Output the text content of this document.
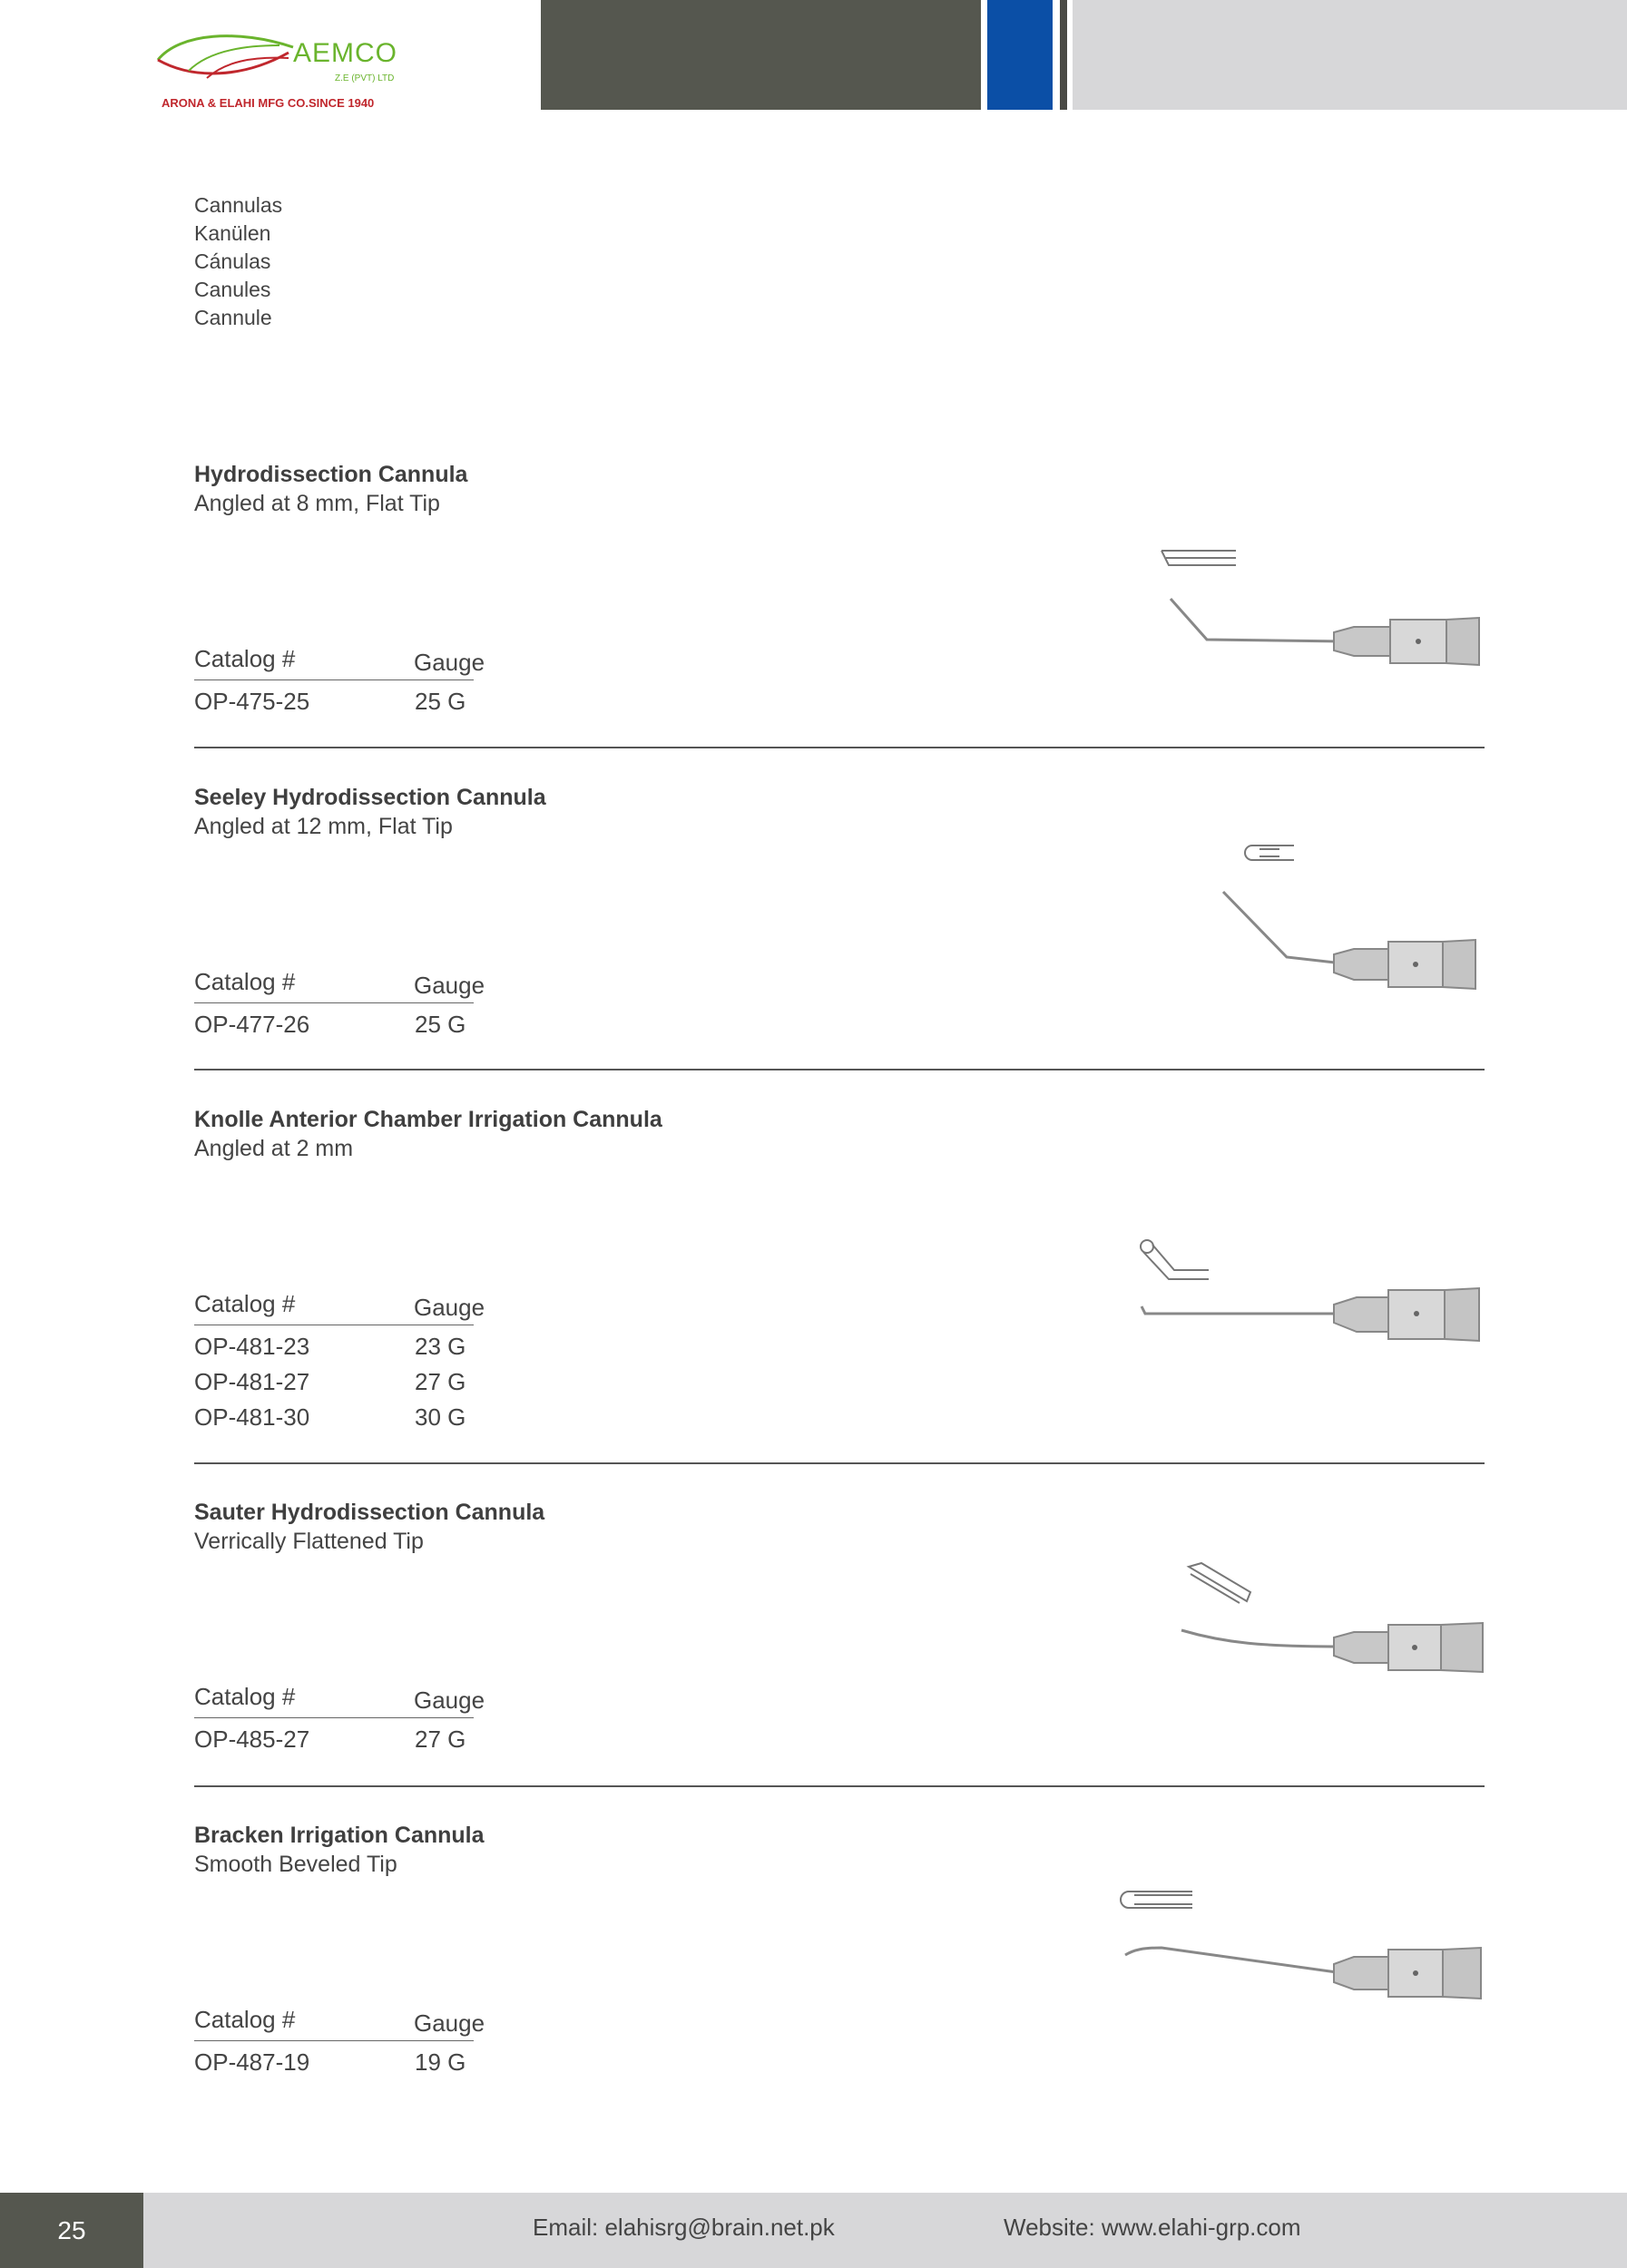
AEMCO
Z.E (PVT) LTD
ARONA & ELAHI MFG CO.SINCE 1940
Cannulas
Kanülen
Cánulas
Canules
Cannule
Hydrodissection Cannula
Angled at 8 mm, Flat Tip
Catalog #	Gauge
OP-475-25	25 G
Seeley Hydrodissection Cannula
Angled at 12 mm, Flat Tip
Catalog #	Gauge
OP-477-26	25 G
Knolle Anterior Chamber Irrigation Cannula
Angled at 2 mm
Catalog #	Gauge
OP-481-23	23 G
OP-481-27	27 G
OP-481-30	30 G
Sauter Hydrodissection Cannula
Verrically Flattened Tip
Catalog #	Gauge
OP-485-27	27 G
Bracken Irrigation Cannula
Smooth Beveled Tip
Catalog #	Gauge
OP-487-19	19 G
25	Email: elahisrg@brain.net.pk	Website: www.elahi-grp.com
